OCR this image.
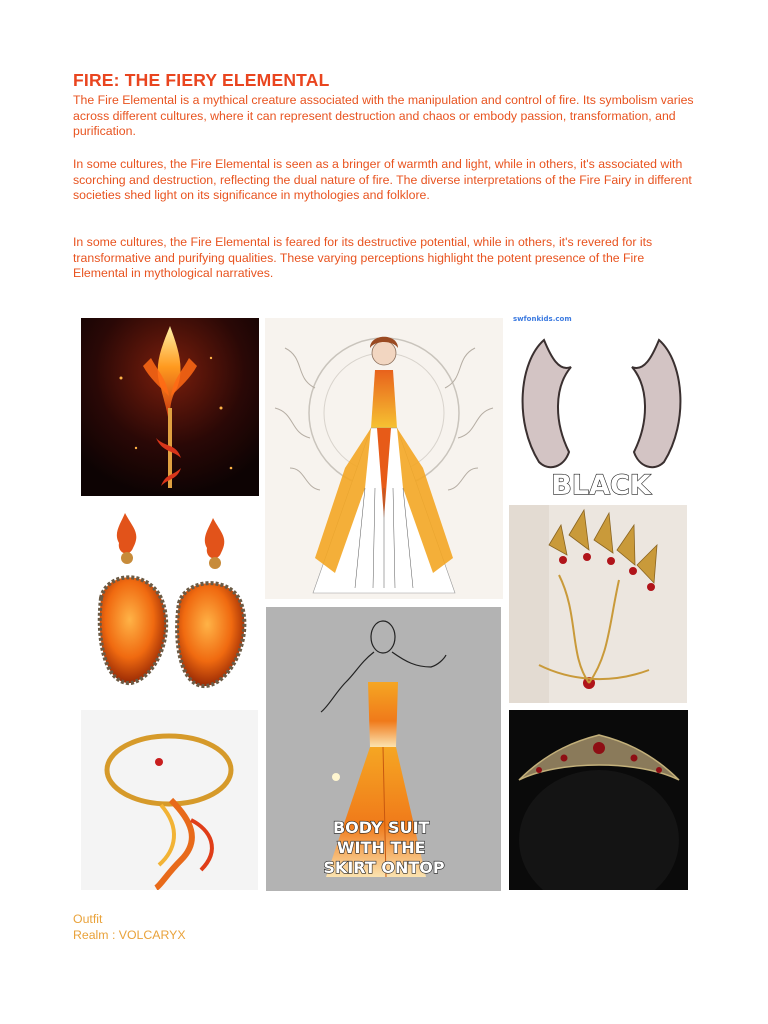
FIRE: THE FIERY ELEMENTAL
The Fire Elemental is a mythical creature associated with the manipulation and control of fire. Its symbolism varies across different cultures, where it can represent destruction and chaos or embody passion, transformation, and purification.
In some cultures, the Fire Elemental is seen as a bringer of warmth and light, while in others, it's associated with scorching and destruction, reflecting the dual nature of fire. The diverse interpretations of the Fire Fairy in different societies shed light on its significance in mythologies and folklore.
In some cultures, the Fire Elemental is feared for its destructive potential, while in others, it's revered for its transformative and purifying qualities. These varying perceptions highlight the potent presence of the Fire Elemental in mythological narratives.
swfonkids.com
BLACK
BODY SUIT WITH THE SKIRT ONTOP
Outfit
Realm : VOLCARYX
